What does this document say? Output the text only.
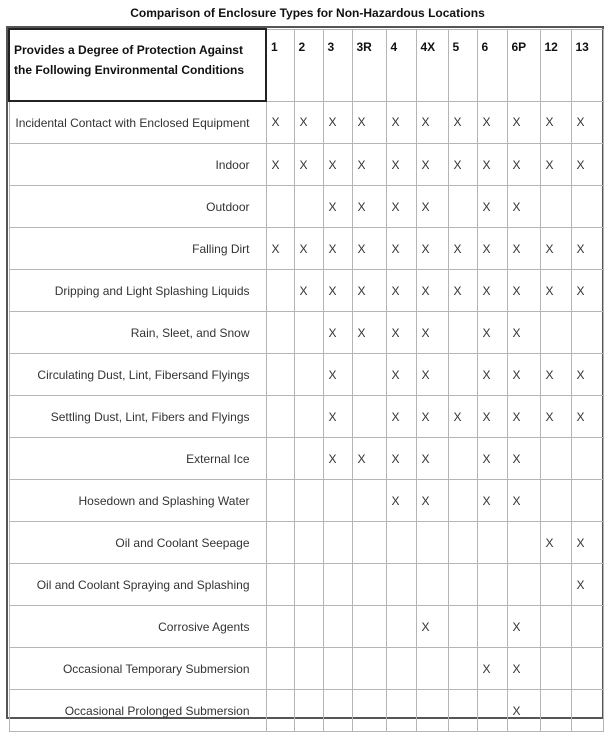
Comparison of Enclosure Types for Non-Hazardous Locations
Provides a Degree of Protection Against the Following Environmental Conditions	1	2	3	3R	4	4X	5	6	6P	12	13
Incidental Contact with Enclosed Equipment	X	X	X	X	X	X	X	X	X	X	X
Indoor	X	X	X	X	X	X	X	X	X	X	X
Outdoor			X	X	X	X		X	X		
Falling Dirt	X	X	X	X	X	X	X	X	X	X	X
Dripping and Light Splashing Liquids		X	X	X	X	X	X	X	X	X	X
Rain, Sleet, and Snow			X	X	X	X		X	X		
Circulating Dust, Lint, Fibersand Flyings			X		X	X		X	X	X	X
Settling Dust, Lint, Fibers and Flyings			X		X	X	X	X	X	X	X
External Ice			X	X	X	X		X	X		
Hosedown and Splashing Water					X	X		X	X		
Oil and Coolant Seepage										X	X
Oil and Coolant Spraying and Splashing											X
Corrosive Agents						X			X		
Occasional Temporary Submersion								X	X		
Occasional Prolonged Submersion									X		
